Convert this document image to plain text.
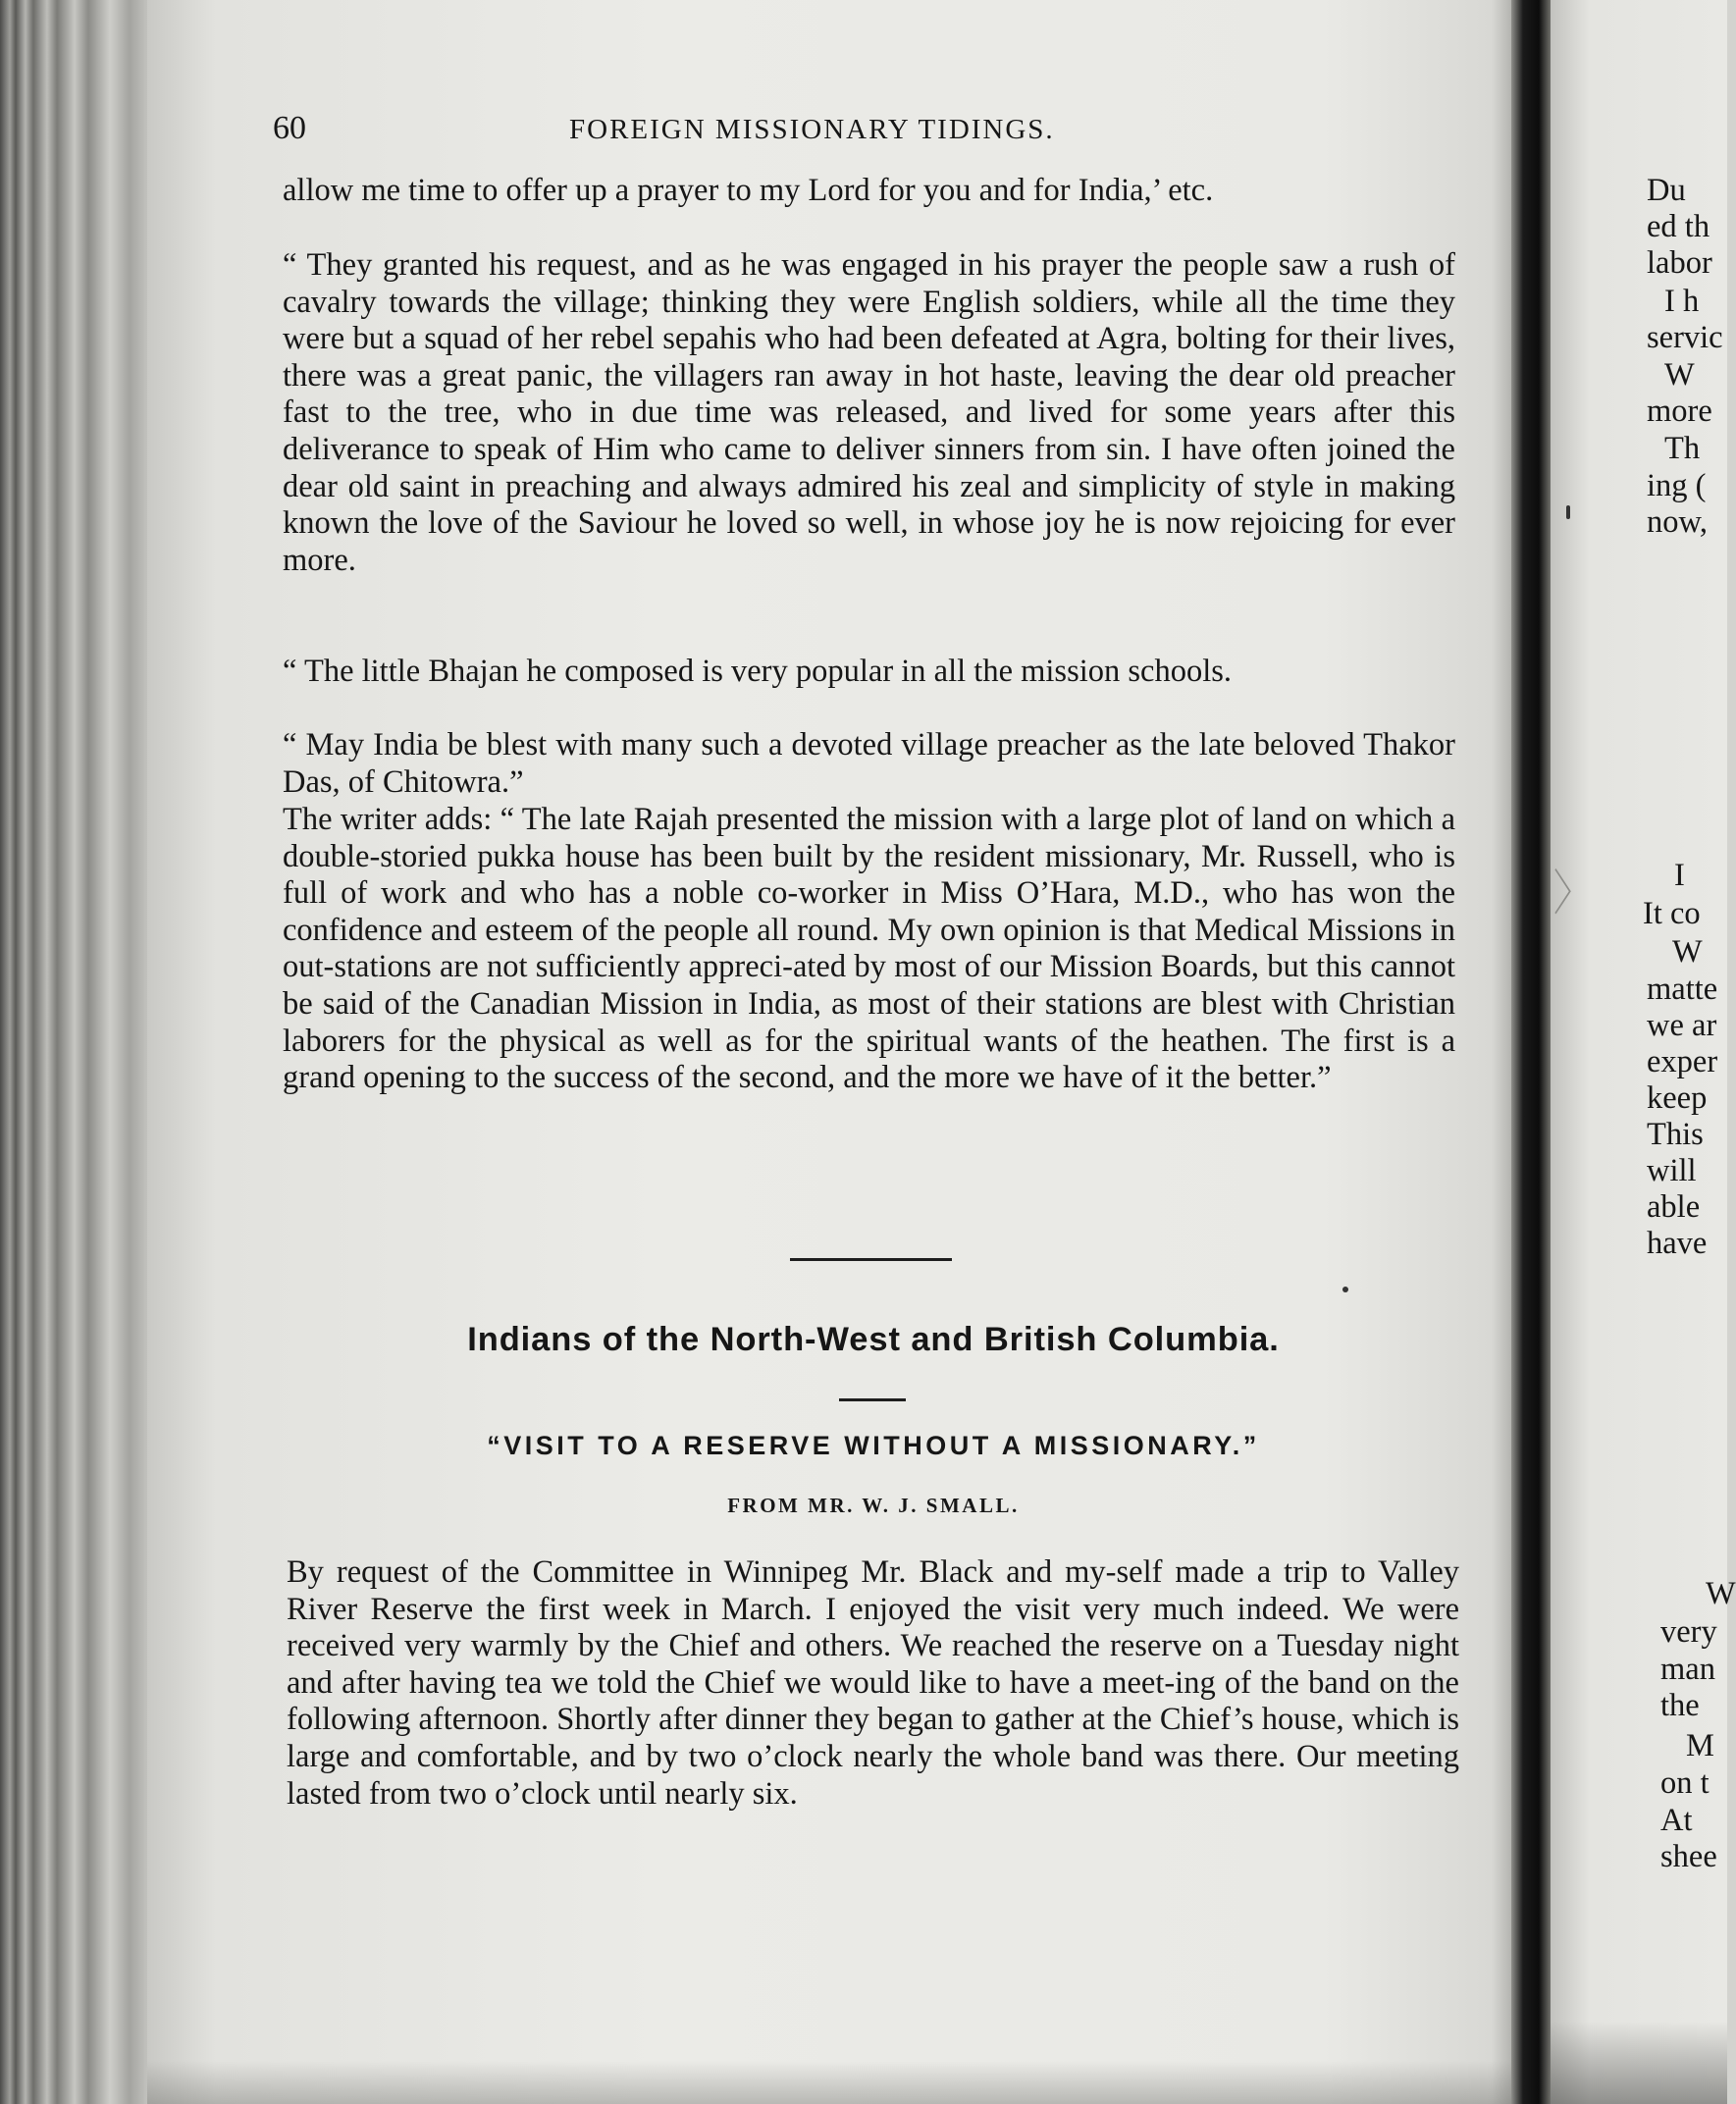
60	FOREIGN MISSIONARY TIDINGS.

allow me time to offer up a prayer to my Lord for you and for India,’ etc.

“ They granted his request, and as he was engaged in his prayer the people saw a rush of cavalry towards the village; thinking they were English soldiers, while all the time they were but a squad of her rebel sepahis who had been defeated at Agra, bolting for their lives, there was a great panic, the villagers ran away in hot haste, leaving the dear old preacher fast to the tree, who in due time was released, and lived for some years after this deliverance to speak of Him who came to deliver sinners from sin. I have often joined the dear old saint in preaching and always admired his zeal and simplicity of style in making known the love of the Saviour he loved so well, in whose joy he is now rejoicing for ever more.

“ The little Bhajan he composed is very popular in all the mission schools.

“ May India be blest with many such a devoted village preacher as the late beloved Thakor Das, of Chitowra.”

The writer adds: “ The late Rajah presented the mission with a large plot of land on which a double-storied pukka house has been built by the resident missionary, Mr. Russell, who is full of work and who has a noble co-worker in Miss O’Hara, M.D., who has won the confidence and esteem of the people all round. My own opinion is that Medical Missions in out-stations are not sufficiently appreci-ated by most of our Mission Boards, but this cannot be said of the Canadian Mission in India, as most of their stations are blest with Christian laborers for the physical as well as for the spiritual wants of the heathen. The first is a grand opening to the success of the second, and the more we have of it the better.”

Indians of the North-West and British Columbia.
“VISIT TO A RESERVE WITHOUT A MISSIONARY.”
FROM MR. W. J. SMALL.

By request of the Committee in Winnipeg Mr. Black and my-self made a trip to Valley River Reserve the first week in March. I enjoyed the visit very much indeed. We were received very warmly by the Chief and others. We reached the reserve on a Tuesday night and after having tea we told the Chief we would like to have a meet-ing of the band on the following afternoon. Shortly after dinner they began to gather at the Chief’s house, which is large and comfortable, and by two o’clock nearly the whole band was there. Our meeting lasted from two o’clock until nearly six.

〉
Du
ed th
labor
I h
servic
W
more
Th
ing (
now,
I
It co
W
matte
we ar
exper
keep
This
will
able
have
W
very
man
the
M
on t
At
shee
